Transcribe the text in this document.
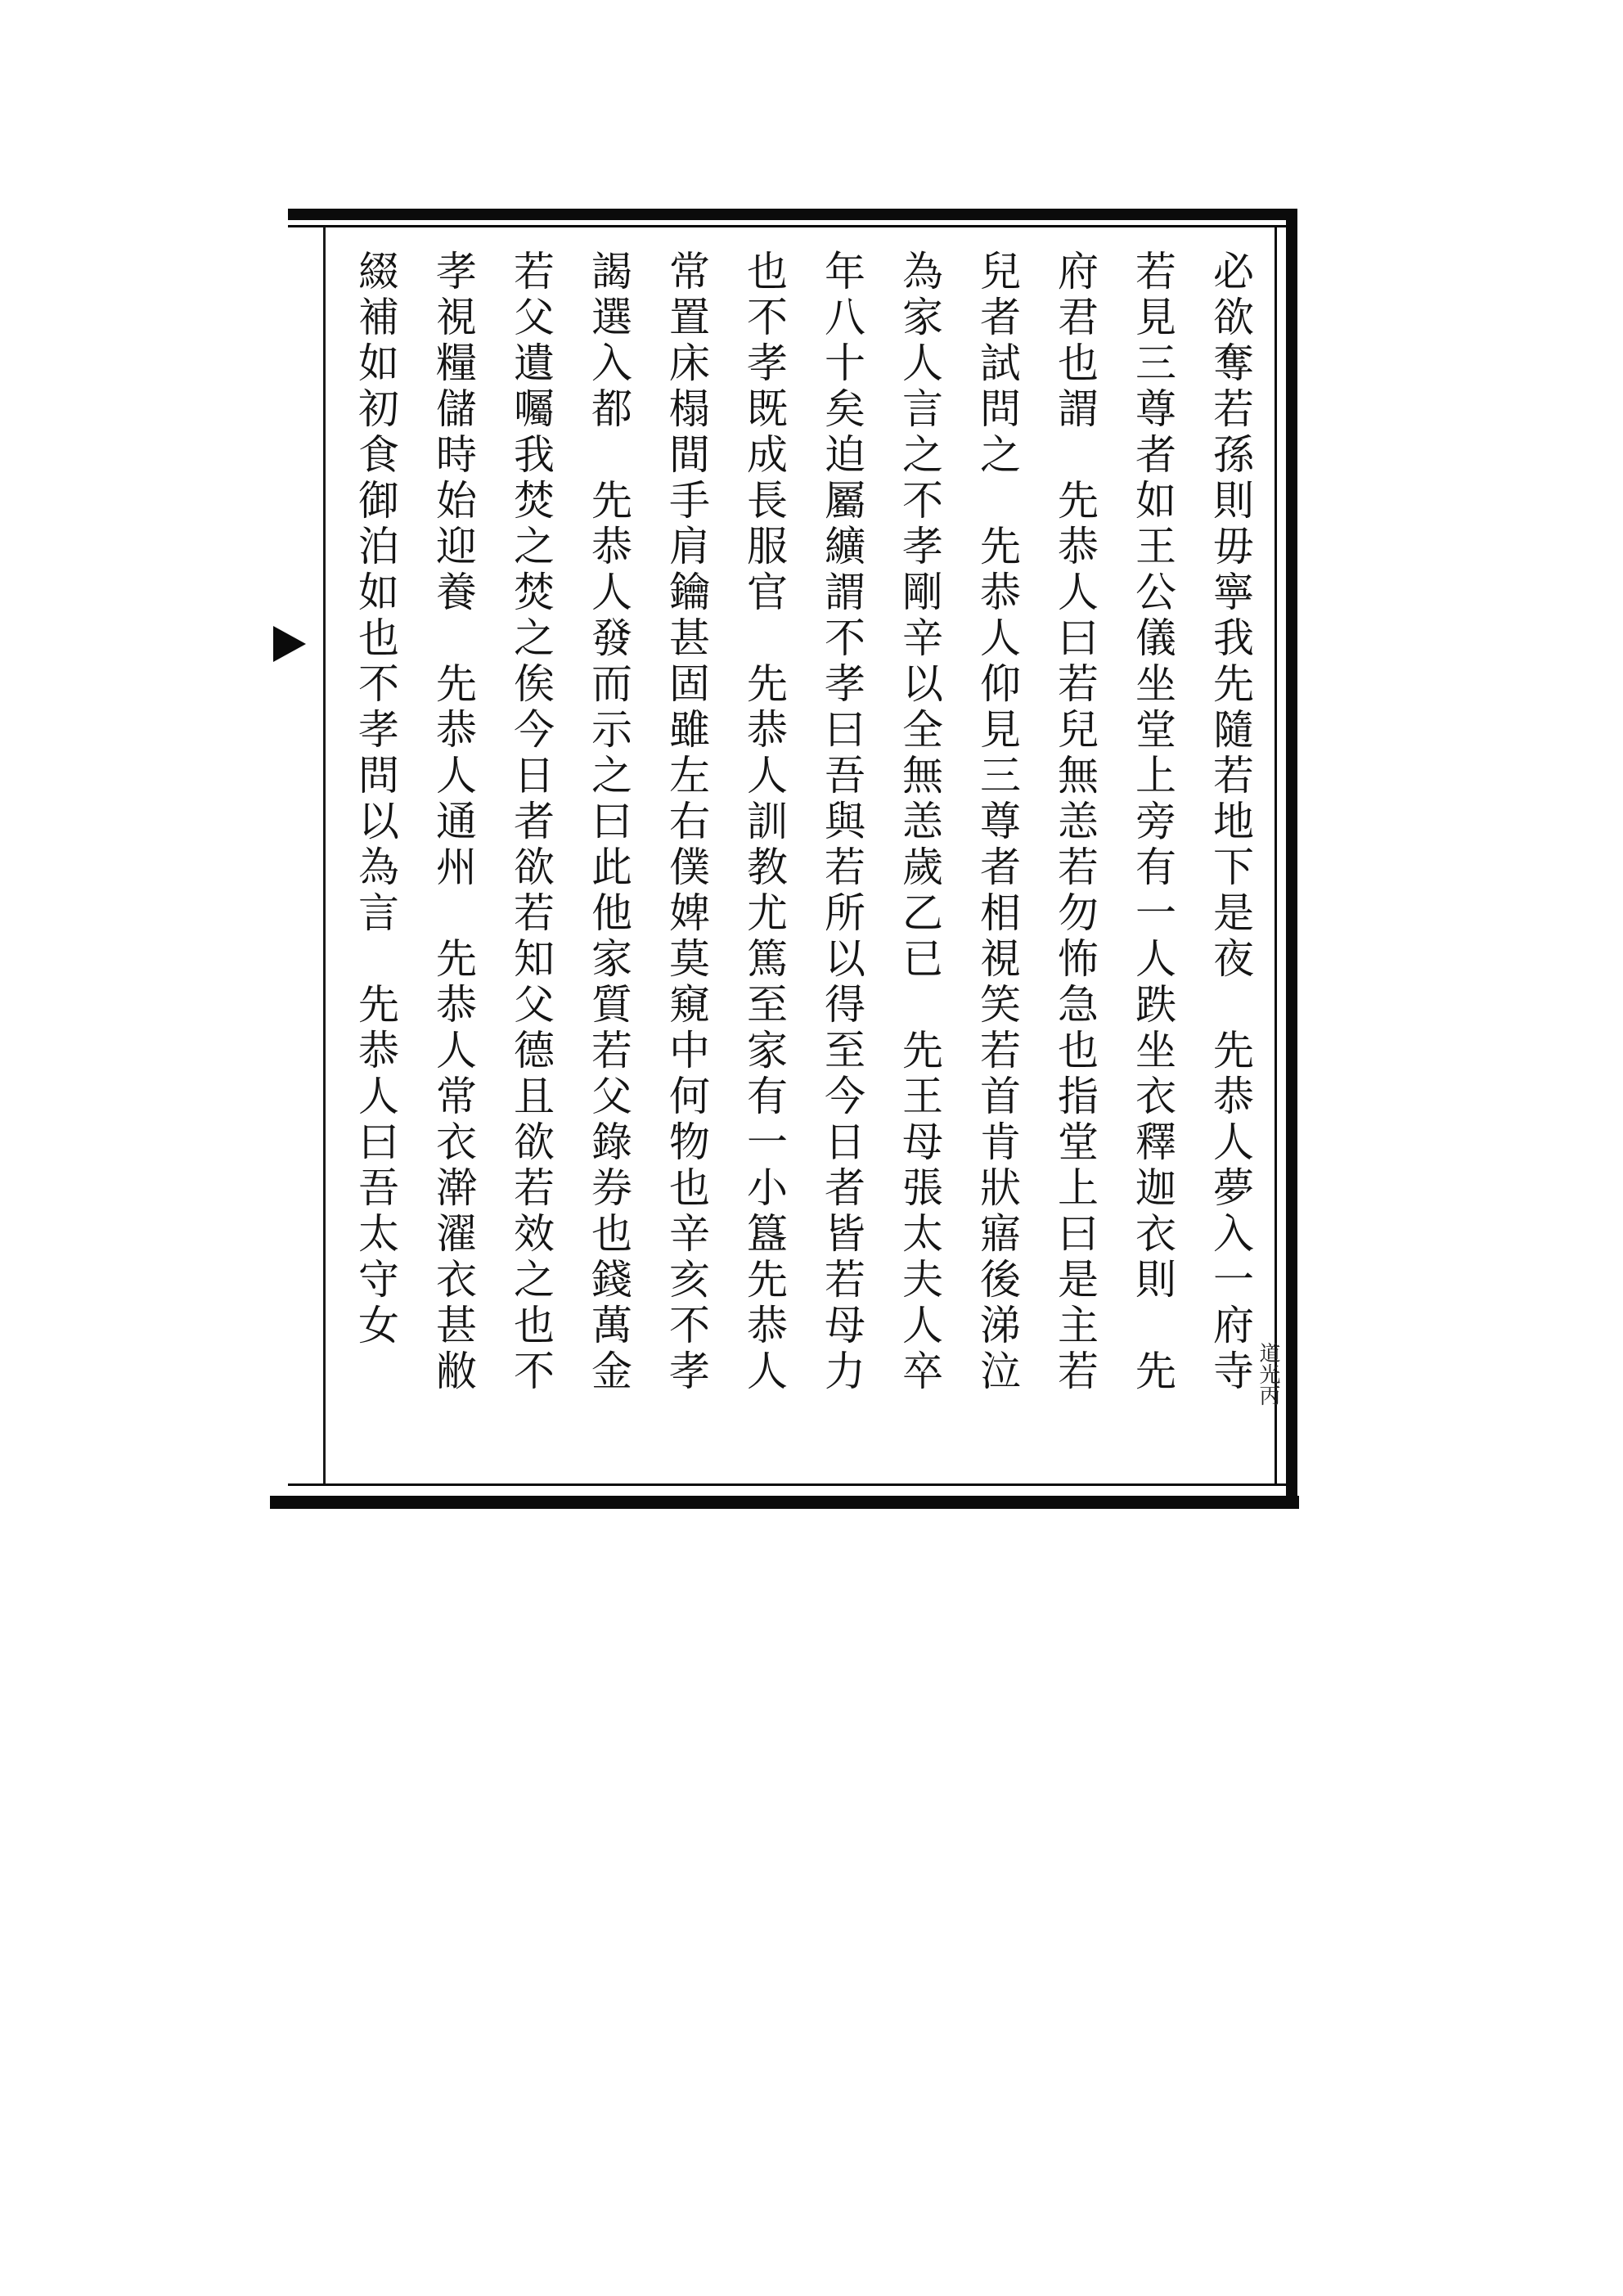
必欲奪若孫則毋寧我先隨若地下是夜　先恭人夢入一府寺
若見三尊者如王公儀坐堂上旁有一人跌坐衣釋迦衣則　先
府君也謂　先恭人曰若兒無恙若勿怖急也指堂上曰是主若
兒者試問之　先恭人仰見三尊者相視笑若首肯狀寤後涕泣
為家人言之不孝剛辛以全無恙歲乙已　先王母張太夫人卒
年八十矣迫屬纊謂不孝曰吾與若所以得至今日者皆若母力
也不孝既成長服官　先恭人訓教尤篤至家有一小簋先恭人
常置床榻間手肩鑰甚固雖左右僕婢莫窺中何物也辛亥不孝
謁選入都　先恭人發而示之曰此他家質若父錄券也錢萬金
若父遺囑我焚之焚之俟今日者欲若知父德且欲若效之也不
孝視糧儲時始迎養　先恭人通州　先恭人常衣澣濯衣甚敝
綴補如初食御泊如也不孝問以為言　先恭人曰吾太守女
道光丙
